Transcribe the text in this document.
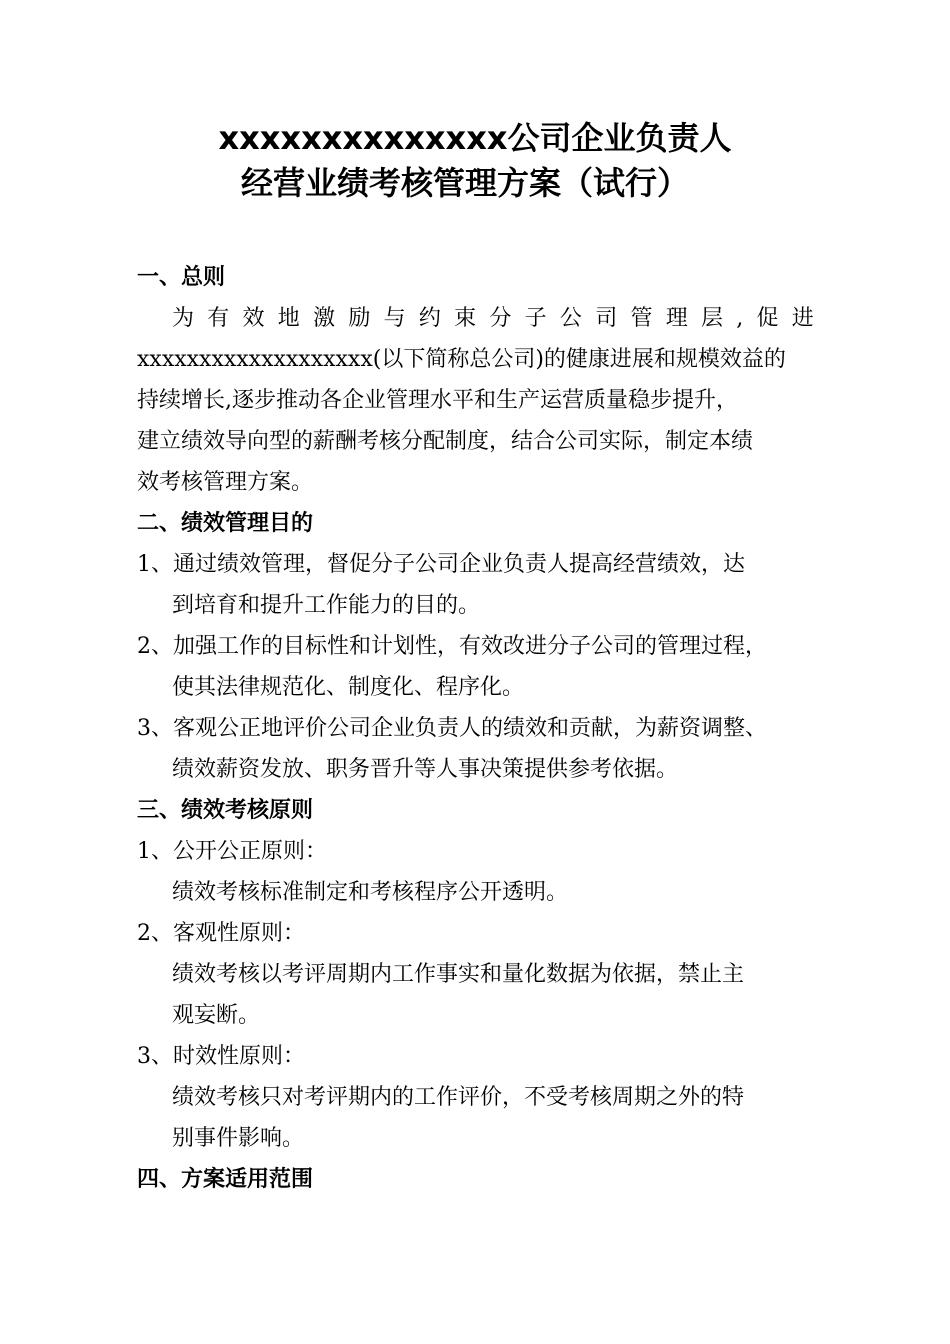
xxxxxxxxxxxxxx公司企业负责人
经营业绩考核管理方案（试行）
一、总则
为 有 效 地 激 励 与 约 束 分 子 公 司 管 理 层 , 促 进
xxxxxxxxxxxxxxxxxxx(以下简称总公司)的健康进展和规模效益的
持续增长,逐步推动各企业管理水平和生产运营质量稳步提升，
建立绩效导向型的薪酬考核分配制度，结合公司实际，制定本绩
效考核管理方案。
二、绩效管理目的
1、通过绩效管理，督促分子公司企业负责人提高经营绩效，达
到培育和提升工作能力的目的。
2、加强工作的目标性和计划性，有效改进分子公司的管理过程，
使其法律规范化、制度化、程序化。
3、客观公正地评价公司企业负责人的绩效和贡献，为薪资调整、
绩效薪资发放、职务晋升等人事决策提供参考依据。
三、绩效考核原则
1、公开公正原则：
绩效考核标准制定和考核程序公开透明。
2、客观性原则：
绩效考核以考评周期内工作事实和量化数据为依据，禁止主
观妄断。
3、时效性原则：
绩效考核只对考评期内的工作评价，不受考核周期之外的特
别事件影响。
四、方案适用范围
